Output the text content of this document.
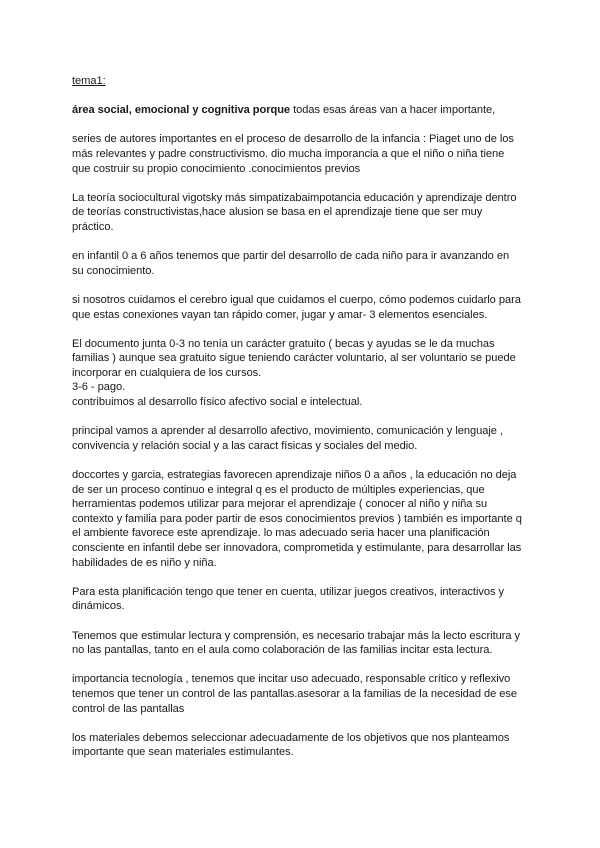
tema1:

área social, emocional y cognitiva porque todas esas áreas van a hacer importante,

series de autores importantes en el proceso de desarrollo de la infancia : Piaget uno de los
más relevantes y padre constructivismo. dio mucha imporancia a que el niño o niña tiene
que costruir su propio conocimiento .conocimientos previos

La teoría sociocultural vigotsky más simpatizabaimpotancia educación y aprendizaje dentro
de teorías constructivistas,hace alusion se basa en el aprendizaje tiene que ser muy
práctico.

en infantil 0 a 6 años tenemos que partir del desarrollo de cada niño para ir avanzando en
su conocimiento.

si nosotros cuidamos el cerebro igual que cuidamos el cuerpo, cómo podemos cuidarlo para
que estas conexiones vayan tan rápido comer, jugar y amar- 3 elementos esenciales.

El documento junta 0-3 no tenía un carácter gratuito ( becas y ayudas se le da muchas
familias ) aunque sea gratuito sigue teniendo carácter voluntario, al ser voluntario se puede
incorporar en cualquiera de los cursos.
3-6 - pago.
contribuimos al desarrollo físico afectivo social e intelectual.

principal vamos a aprender al desarrollo afectivo, movimiento, comunicación y lenguaje ,
convivencia y relación social y a las caract físicas y sociales del medio.

doccortes y garcia, estrategias favorecen aprendizaje niños 0 a años , la educación no deja
de ser un proceso continuo e integral q es el producto de múltiples experiencias, que
herramientas podemos utilizar para mejorar el aprendizaje ( conocer al niño y niña su
contexto y familia para poder partir de esos conocimientos previos ) también es importante q
el ambiente favorece este aprendizaje. lo mas adecuado seria hacer una planificación
consciente en infantil debe ser innovadora, comprometida y estimulante, para desarrollar las
habilidades de es niño y niña.

Para esta planificación tengo que tener en cuenta, utilizar juegos creativos, interactivos y
dinámicos.

Tenemos que estimular lectura y comprensión, es necesario trabajar más la lecto escritura y
no las pantallas, tanto en el aula como colaboración de las familias incitar esta lectura.

importancia tecnología , tenemos que incitar uso adecuado, responsable crítico y reflexivo
tenemos que tener un control de las pantallas.asesorar a la familias de la necesidad de ese
control de las pantallas

los materiales debemos seleccionar adecuadamente de los objetivos que nos planteamos
importante que sean materiales estimulantes.
